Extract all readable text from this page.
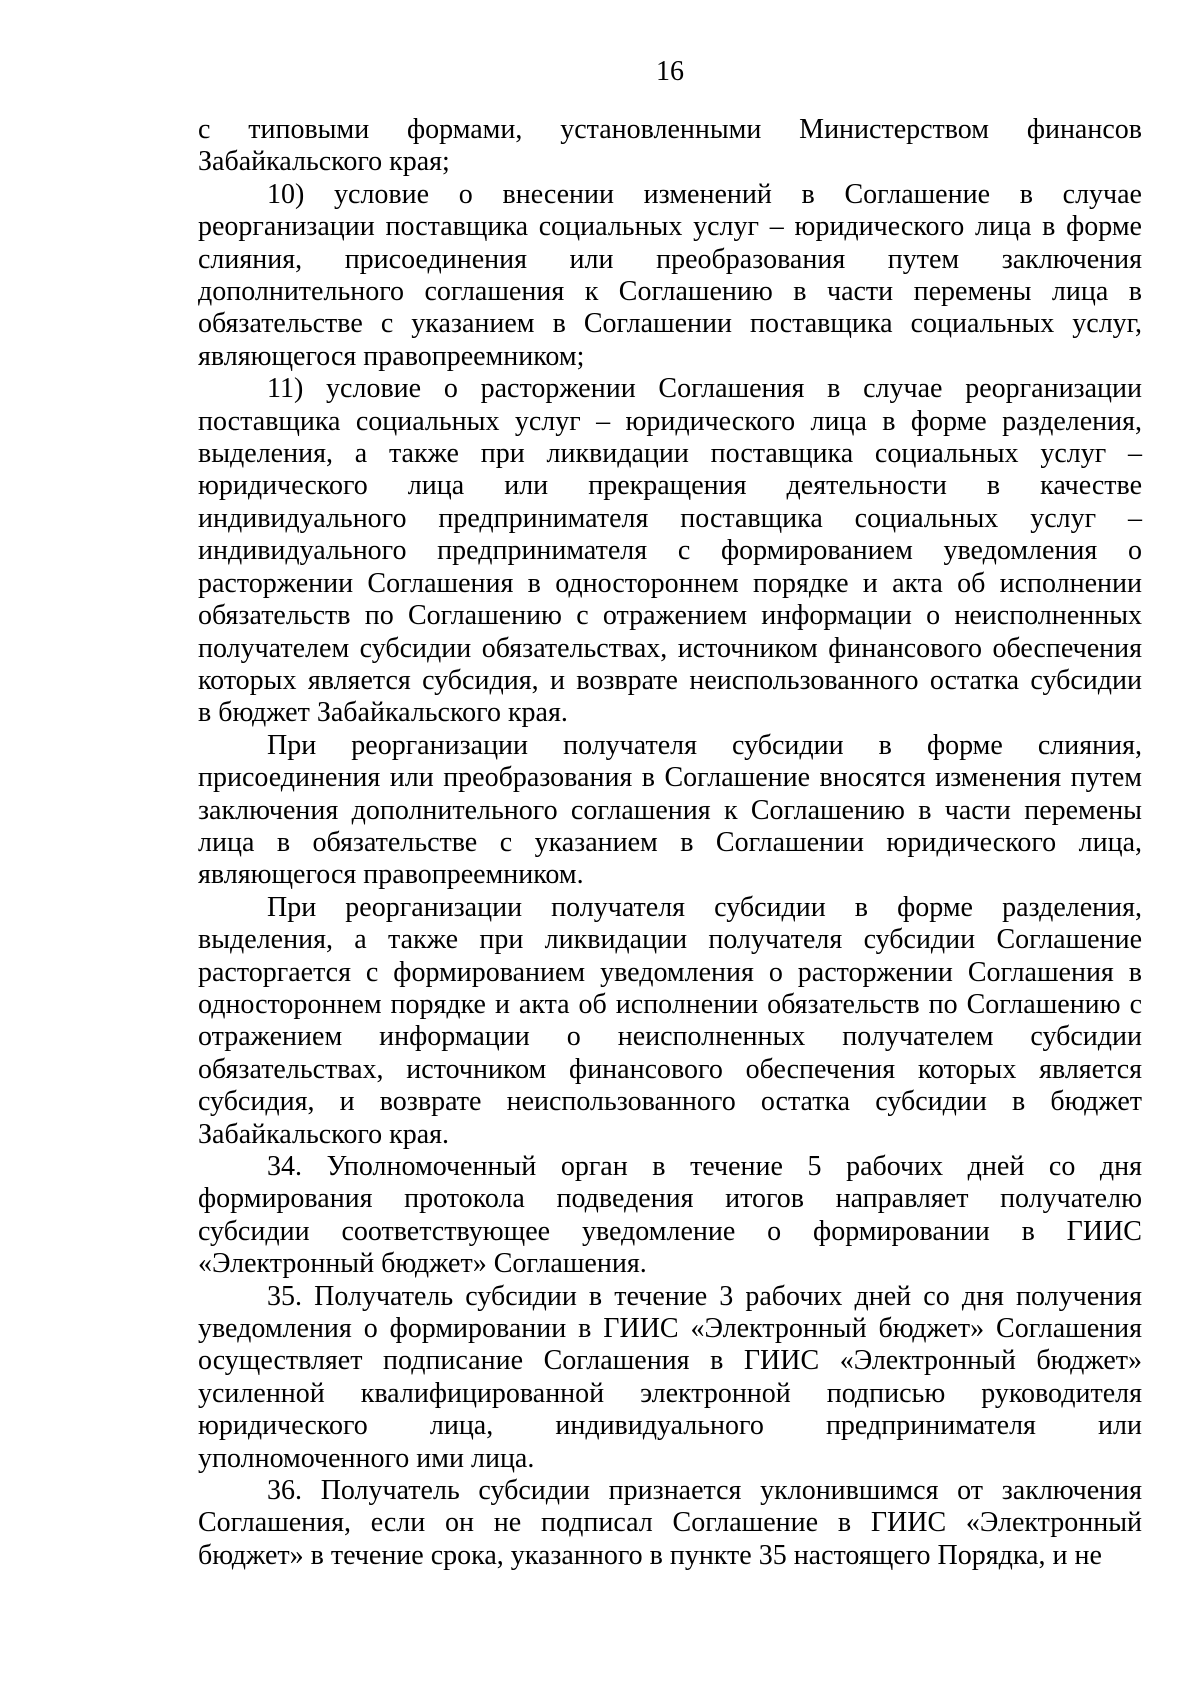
16
с типовыми формами, установленными Министерством финансов
Забайкальского края;
10) условие о внесении изменений в Соглашение в случае
реорганизации поставщика социальных услуг – юридического лица в форме
слияния, присоединения или преобразования путем заключения
дополнительного соглашения к Соглашению в части перемены лица в
обязательстве с указанием в Соглашении поставщика социальных услуг,
являющегося правопреемником;
11) условие о расторжении Соглашения в случае реорганизации
поставщика социальных услуг – юридического лица в форме разделения,
выделения, а также при ликвидации поставщика социальных услуг –
юридического лица или прекращения деятельности в качестве
индивидуального предпринимателя поставщика социальных услуг –
индивидуального предпринимателя с формированием уведомления о
расторжении Соглашения в одностороннем порядке и акта об исполнении
обязательств по Соглашению с отражением информации о неисполненных
получателем субсидии обязательствах, источником финансового обеспечения
которых является субсидия, и возврате неиспользованного остатка субсидии
в бюджет Забайкальского края.
При реорганизации получателя субсидии в форме слияния,
присоединения или преобразования в Соглашение вносятся изменения путем
заключения дополнительного соглашения к Соглашению в части перемены
лица в обязательстве с указанием в Соглашении юридического лица,
являющегося правопреемником.
При реорганизации получателя субсидии в форме разделения,
выделения, а также при ликвидации получателя субсидии Соглашение
расторгается с формированием уведомления о расторжении Соглашения в
одностороннем порядке и акта об исполнении обязательств по Соглашению с
отражением информации о неисполненных получателем субсидии
обязательствах, источником финансового обеспечения которых является
субсидия, и возврате неиспользованного остатка субсидии в бюджет
Забайкальского края.
34. Уполномоченный орган в течение 5 рабочих дней со дня
формирования протокола подведения итогов направляет получателю
субсидии соответствующее уведомление о формировании в ГИИС
«Электронный бюджет» Соглашения.
35. Получатель субсидии в течение 3 рабочих дней со дня получения
уведомления о формировании в ГИИС «Электронный бюджет» Соглашения
осуществляет подписание Соглашения в ГИИС «Электронный бюджет»
усиленной квалифицированной электронной подписью руководителя
юридического лица, индивидуального предпринимателя или
уполномоченного ими лица.
36. Получатель субсидии признается уклонившимся от заключения
Соглашения, если он не подписал Соглашение в ГИИС «Электронный
бюджет» в течение срока, указанного в пункте 35 настоящего Порядка, и не
